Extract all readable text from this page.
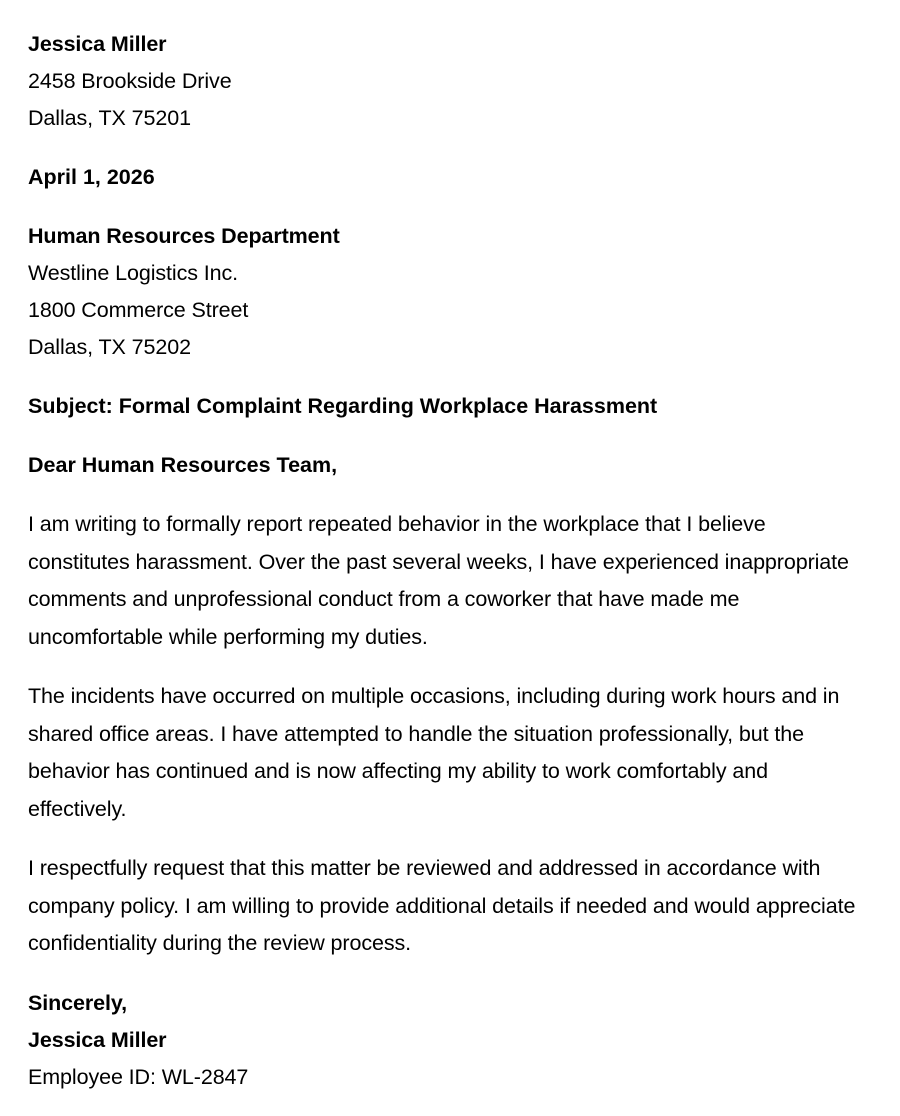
Jessica Miller
2458 Brookside Drive
Dallas, TX 75201
April 1, 2026
Human Resources Department
Westline Logistics Inc.
1800 Commerce Street
Dallas, TX 75202
Subject: Formal Complaint Regarding Workplace Harassment
Dear Human Resources Team,

I am writing to formally report repeated behavior in the workplace that I believe constitutes harassment. Over the past several weeks, I have experienced inappropriate comments and unprofessional conduct from a coworker that have made me uncomfortable while performing my duties.

The incidents have occurred on multiple occasions, including during work hours and in shared office areas. I have attempted to handle the situation professionally, but the behavior has continued and is now affecting my ability to work comfortably and effectively.

I respectfully request that this matter be reviewed and addressed in accordance with company policy. I am willing to provide additional details if needed and would appreciate confidentiality during the review process.

Sincerely,
Jessica Miller
Employee ID: WL-2847
